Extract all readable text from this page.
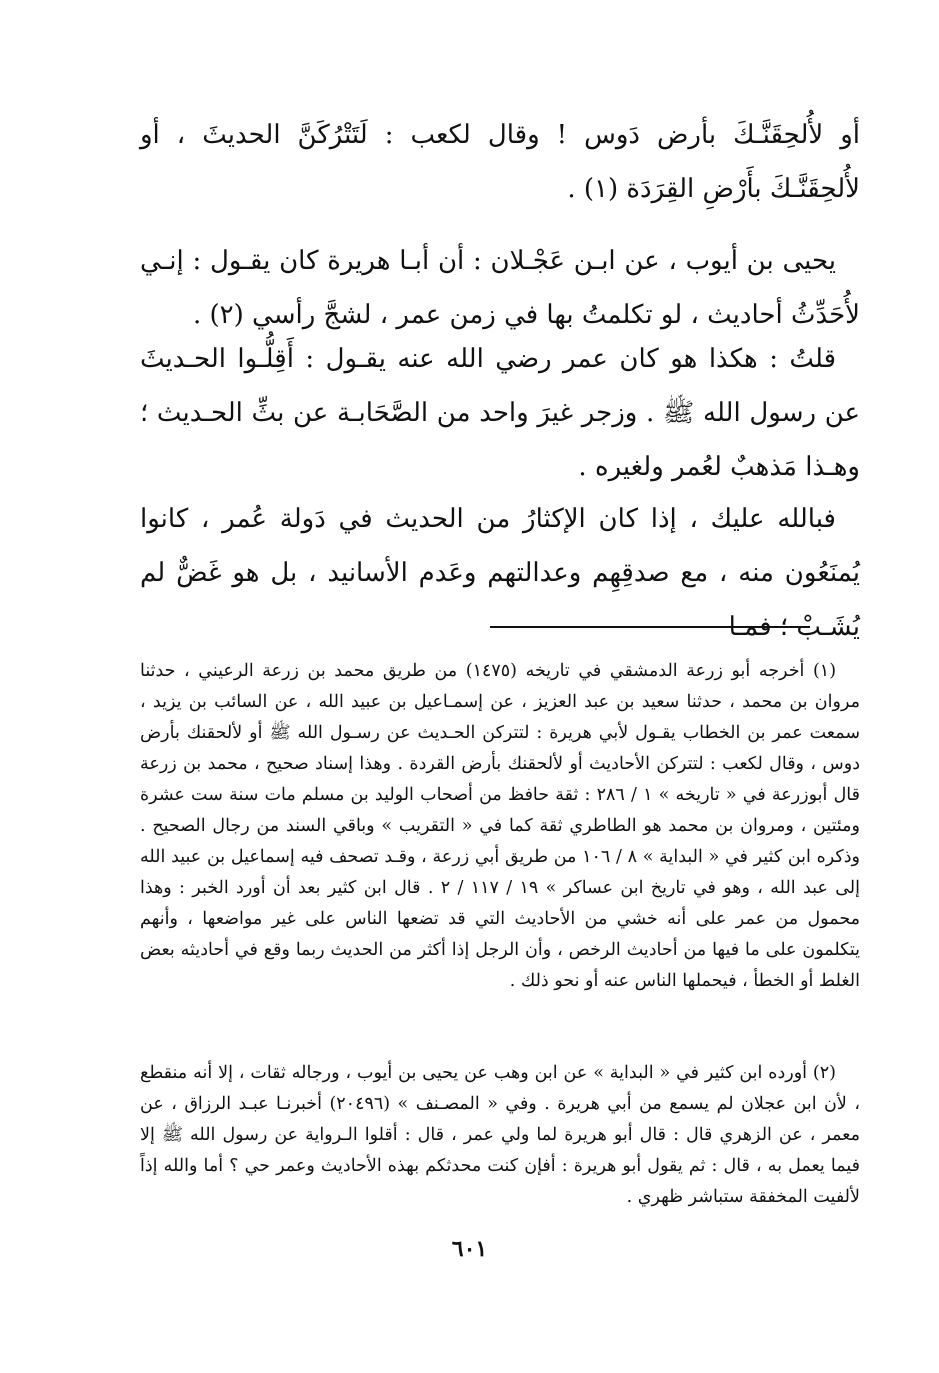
أو لأُلحِقَنَّـكَ بأرض دَوس ! وقال لكعب : لَتَتْرُكَنَّ الحديثَ ، أو لأُلحِقَنَّـكَ بأَرْضِ القِرَدَة (١) .

يحيى بن أيوب ، عن ابـن عَجْـلان : أن أبـا هريرة كان يقـول : إنـي لأُحَدِّثُ أحاديث ، لو تكلمتُ بها في زمن عمر ، لشجَّ رأسي (٢) .

قلتُ : هكذا هو كان عمر رضي الله عنه يقـول : أَقِلُّـوا الحـديثَ عن رسول الله ﷺ . وزجر غيرَ واحد من الصَّحَابـة عن بثِّ الحـديث ؛ وهـذا مَذهبٌ لعُمر ولغيره .

فبالله عليك ، إذا كان الإكثارُ من الحديث في دَولة عُمر ، كانوا يُمنَعُون منه ، مع صدقِهِم وعدالتهم وعَدم الأسانيد ، بل هو غَضٌّ لم يُشَـبْ ؛ فمـا

(١) أخرجه أبو زرعة الدمشقي في تاريخه (١٤٧٥) من طريق محمد بن زرعة الرعيني ، حدثنا مروان بن محمد ، حدثنا سعيد بن عبد العزيز ، عن إسمـاعيل بن عبيد الله ، عن السائب بن يزيد ، سمعت عمر بن الخطاب يقـول لأبي هريرة : لتتركن الحـديث عن رسـول الله ﷺ أو لألحقنك بأرض دوس ، وقال لكعب : لتتركن الأحاديث أو لألحقنك بأرض القردة . وهذا إسناد صحيح ، محمد بن زرعة قال أبوزرعة في « تاريخه » ١ / ٢٨٦ : ثقة حافظ من أصحاب الوليد بن مسلم مات سنة ست عشرة ومئتين ، ومروان بن محمد هو الطاطري ثقة كما في « التقريب » وباقي السند من رجال الصحيح . وذكره ابن كثير في « البداية » ٨ / ١٠٦ من طريق أبي زرعة ، وقـد تصحف فيه إسماعيل بن عبيد الله إلى عبد الله ، وهو في تاريخ ابن عساكر » ١٩ / ١١٧ / ٢ . قال ابن كثير بعد أن أورد الخبر : وهذا محمول من عمر على أنه خشي من الأحاديث التي قد تضعها الناس على غير مواضعها ، وأنهم يتكلمون على ما فيها من أحاديث الرخص ، وأن الرجل إذا أكثر من الحديث ربما وقع في أحاديثه بعض الغلط أو الخطأ ، فيحملها الناس عنه أو نحو ذلك .

(٢) أورده ابن كثير في « البداية » عن ابن وهب عن يحيى بن أيوب ، ورجاله ثقات ، إلا أنه منقطع ، لأن ابن عجلان لم يسمع من أبي هريرة . وفي « المصـنف » (٢٠٤٩٦) أخبرنـا عبـد الرزاق ، عن معمر ، عن الزهري قال : قال أبو هريرة لما ولي عمر ، قال : أقلوا الـرواية عن رسول الله ﷺ إلا فيما يعمل به ، قال : ثم يقول أبو هريرة : أفإن كنت محدثكم بهذه الأحاديث وعمر حي ؟ أما والله إذاً لألفيت المخفقة ستباشر ظهري .

٦٠١
